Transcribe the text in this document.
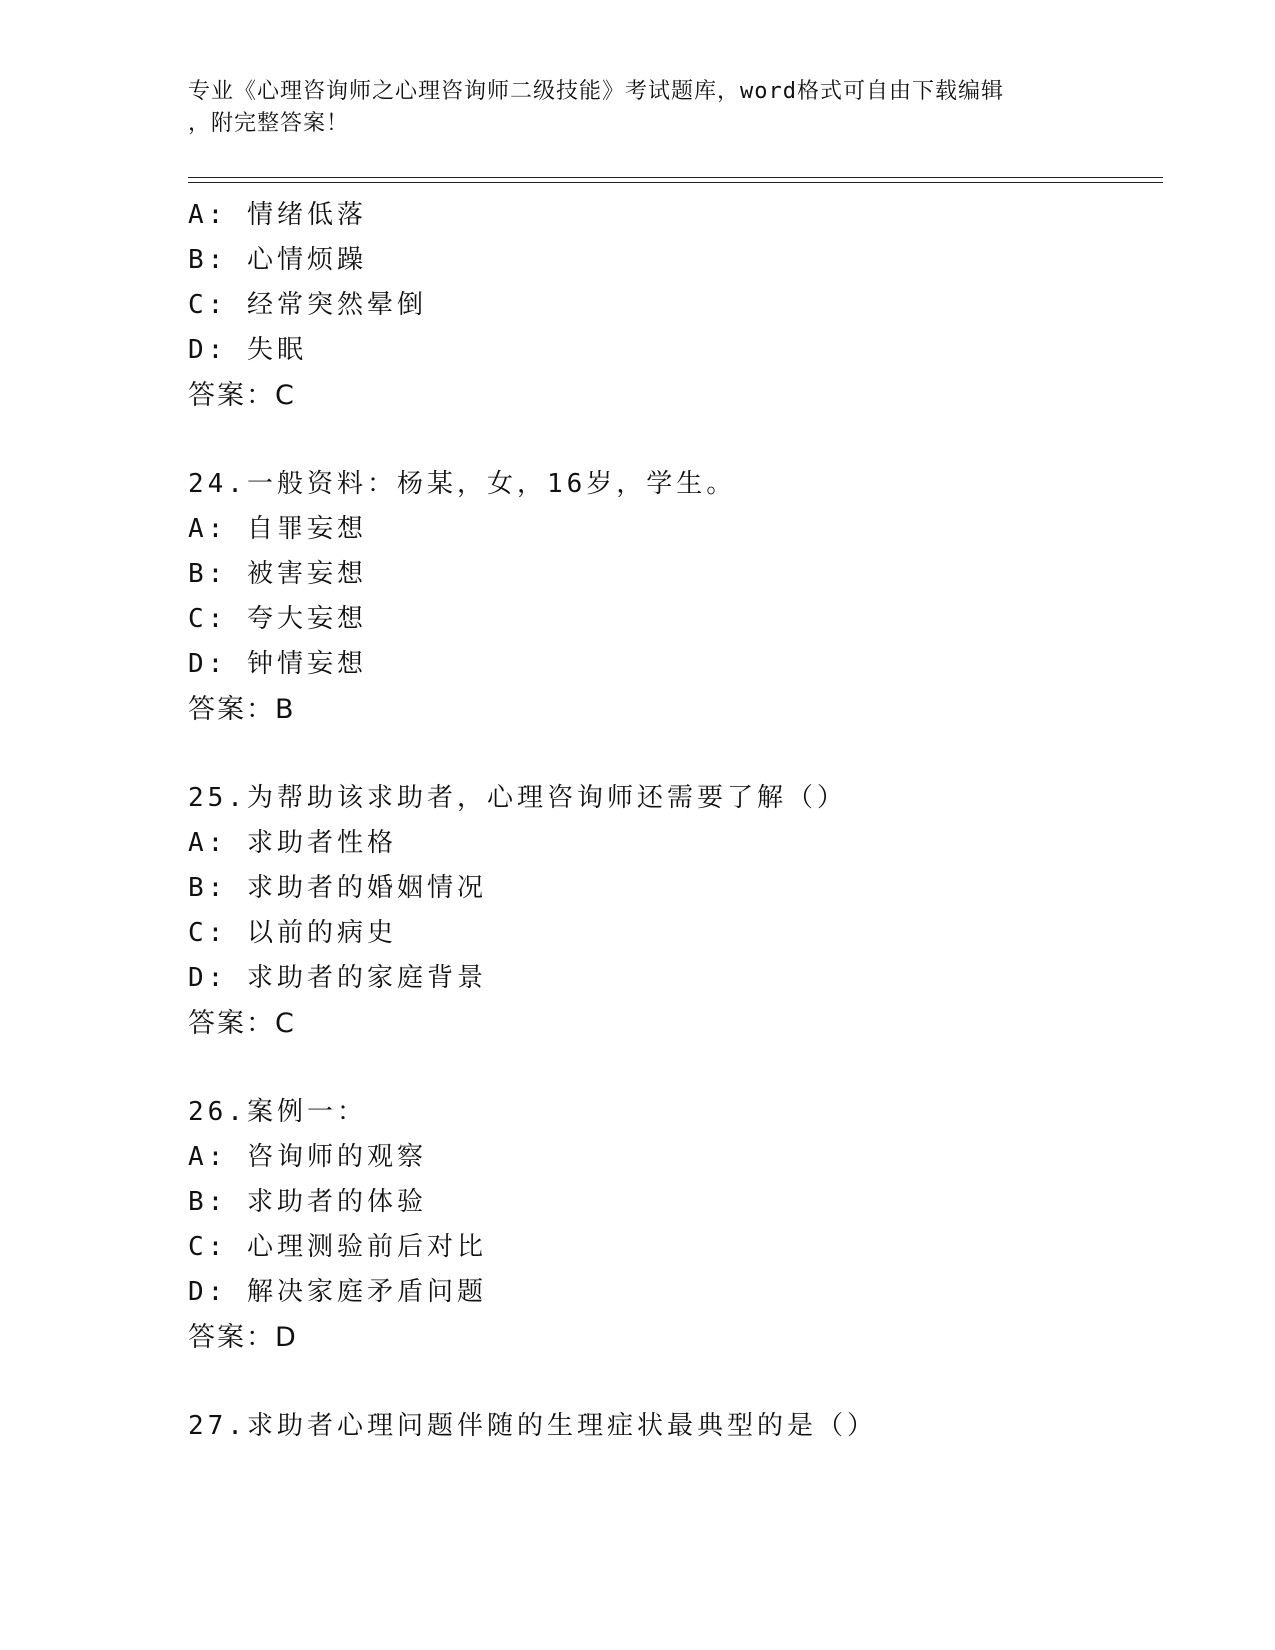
专业《心理咨询师之心理咨询师二级技能》考试题库，word格式可自由下载编辑
，附完整答案！
A: 情绪低落
B: 心情烦躁
C: 经常突然晕倒
D: 失眠
答案：C
24.一般资料：杨某，女，16岁，学生。
A: 自罪妄想
B: 被害妄想
C: 夸大妄想
D: 钟情妄想
答案：B
25.为帮助该求助者，心理咨询师还需要了解（）
A: 求助者性格
B: 求助者的婚姻情况
C: 以前的病史
D: 求助者的家庭背景
答案：C
26.案例一：
A: 咨询师的观察
B: 求助者的体验
C: 心理测验前后对比
D: 解决家庭矛盾问题
答案：D
27.求助者心理问题伴随的生理症状最典型的是（）
